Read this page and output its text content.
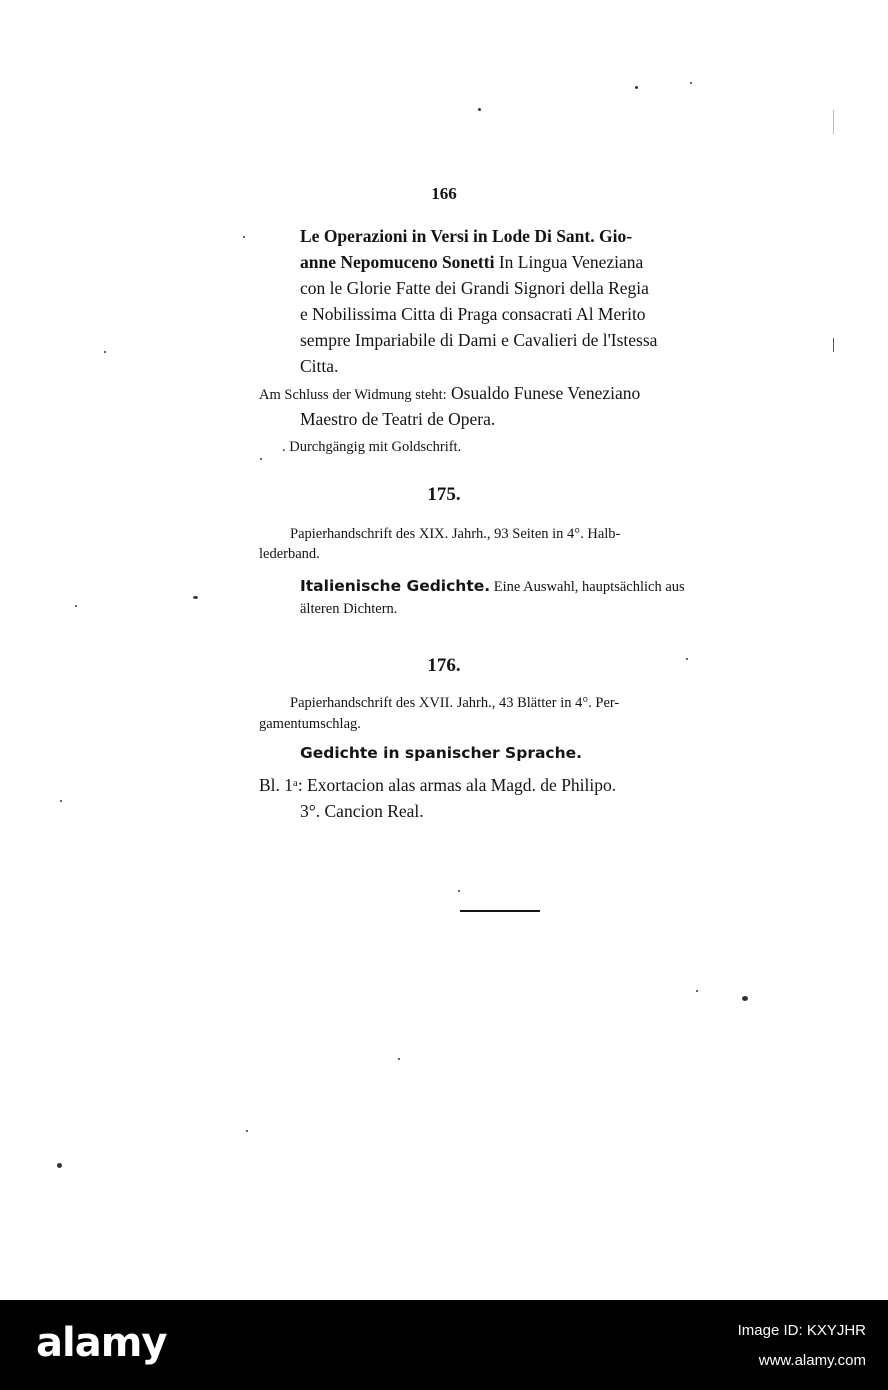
166
Le Operazioni in Versi in Lode Di Sant. Gio-
anne Nepomuceno Sonetti In Lingua Veneziana
con le Glorie Fatte dei Grandi Signori della Regia
e Nobilissima Citta di Praga consacrati Al Merito
sempre Impariabile di Dami e Cavalieri de l'Istessa
Citta.
Am Schluss der Widmung steht: Osualdo Funese Veneziano
Maestro de Teatri de Opera.
. Durchgängig mit Goldschrift.
175.
Papierhandschrift des XIX. Jahrh., 93 Seiten in 4°. Halb-
lederband.
Italienische Gedichte. Eine Auswahl, hauptsächlich aus
älteren Dichtern.
176.
Papierhandschrift des XVII. Jahrh., 43 Blätter in 4°. Per-
gamentumschlag.
Gedichte in spanischer Sprache.
Bl. 1ᵃ: Exortacion alas armas ala Magd. de Philipo.
3°. Cancion Real.
alamy	Image ID: KXYJHR
www.alamy.com
